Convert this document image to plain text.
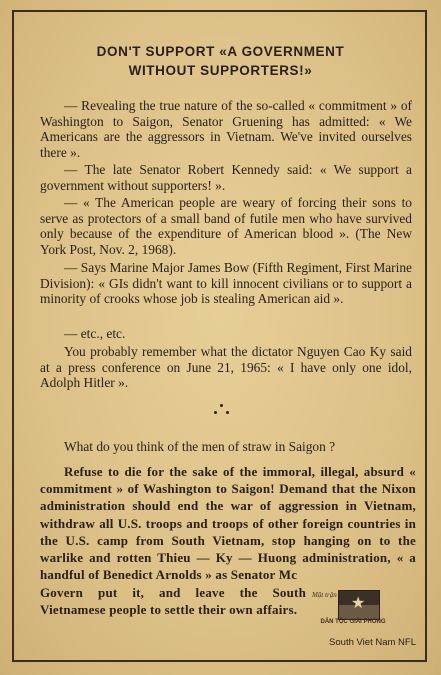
DON'T SUPPORT «A GOVERNMENT
WITHOUT SUPPORTERS!»
— Revealing the true nature of the so-called « commitment » of Washington to Saigon, Senator Gruening has admitted: « We Americans are the aggressors in Vietnam. We've invited ourselves there ».
— The late Senator Robert Kennedy said: « We support a government without supporters! ».
— « The American people are weary of forcing their sons to serve as protectors of a small band of futile men who have survived only because of the expenditure of American blood ». (The New York Post, Nov. 2, 1968).
— Says Marine Major James Bow (Fifth Regiment, First Marine Division): « GIs didn't want to kill innocent civilians or to support a minority of crooks whose job is stealing American aid ».
— etc., etc.
You probably remember what the dictator Nguyen Cao Ky said at a press conference on June 21, 1965: « I have only one idol, Adolph Hitler ».
What do you think of the men of straw in Saigon ?
Refuse to die for the sake of the immoral, illegal, absurd « commitment » of Washington to Saigon! Demand that the Nixon administration should end the war of aggression in Vietnam, withdraw all U.S. troops and troops of other foreign countries in the U.S. camp from South Vietnam, stop hanging on to the warlike and rotten Thieu — Ky — Huong administration, « a handful of Benedict Arnolds » as Senator Mc
Govern put it, and leave the South Vietnamese people to settle their own affairs.
Mặt trận ★
DÂN TỘC GIẢI PHÓNG
South Viet Nam NFL
